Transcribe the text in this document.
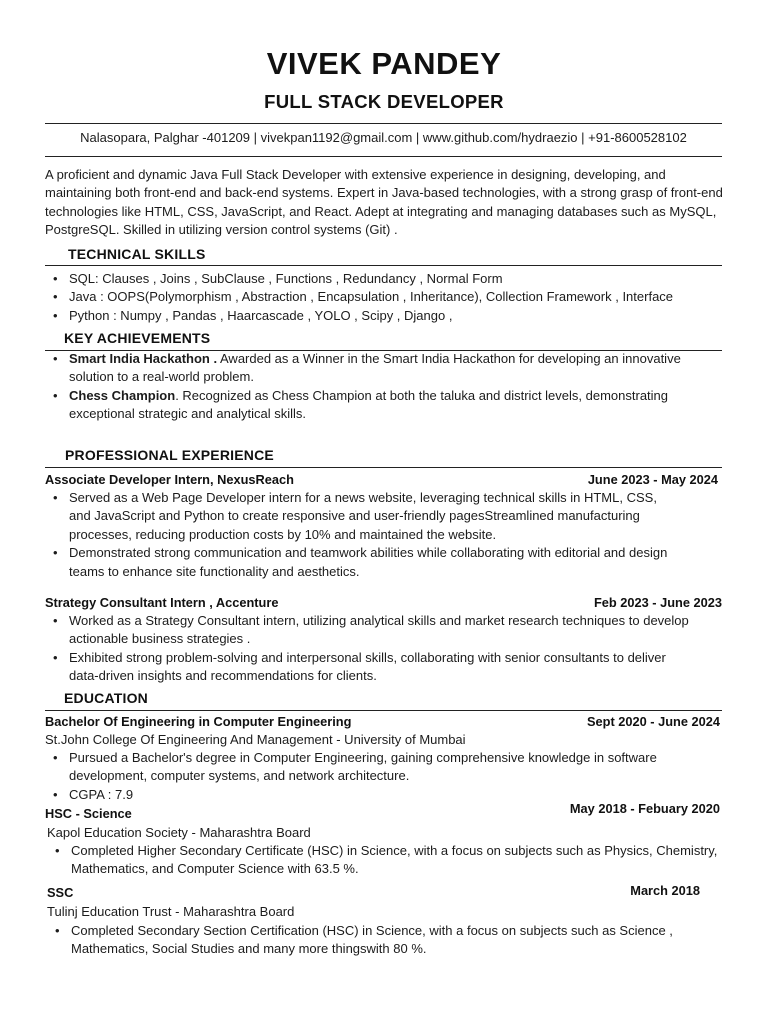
VIVEK PANDEY
FULL STACK DEVELOPER
Nalasopara, Palghar -401209 | vivekpan1192@gmail.com | www.github.com/hydraezio | +91-8600528102
A proficient and dynamic Java Full Stack Developer with extensive experience in designing, developing, and maintaining both front-end and back-end systems. Expert in Java-based technologies, with a strong grasp of front-end technologies like HTML, CSS, JavaScript, and React. Adept at integrating and managing databases such as MySQL, PostgreSQL. Skilled in utilizing version control systems (Git) .
TECHNICAL SKILLS
• SQL: Clauses , Joins , SubClause , Functions , Redundancy , Normal Form
• Java : OOPS(Polymorphism , Abstraction , Encapsulation , Inheritance), Collection Framework , Interface
• Python : Numpy , Pandas , Haarcascade , YOLO , Scipy , Django ,
KEY ACHIEVEMENTS
• Smart India Hackathon . Awarded as a Winner in the Smart India Hackathon for developing an innovative solution to a real-world problem.
• Chess Champion. Recognized as Chess Champion at both the taluka and district levels, demonstrating exceptional strategic and analytical skills.
PROFESSIONAL EXPERIENCE
Associate Developer Intern, NexusReach	June 2023 - May 2024
• Served as a Web Page Developer intern for a news website, leveraging technical skills in HTML, CSS, and JavaScript and Python to create responsive and user-friendly pagesStreamlined manufacturing processes, reducing production costs by 10% and maintained the website.
• Demonstrated strong communication and teamwork abilities while collaborating with editorial and design teams to enhance site functionality and aesthetics.
Strategy Consultant Intern , Accenture	Feb 2023 - June 2023
• Worked as a Strategy Consultant intern, utilizing analytical skills and market research techniques to develop actionable business strategies .
• Exhibited strong problem-solving and interpersonal skills, collaborating with senior consultants to deliver data-driven insights and recommendations for clients.
EDUCATION
Bachelor Of Engineering in Computer Engineering	Sept 2020 - June 2024
St.John College Of Engineering And Management - University of Mumbai
• Pursued a Bachelor's degree in Computer Engineering, gaining comprehensive knowledge in software development, computer systems, and network architecture.
• CGPA : 7.9
HSC - Science	May 2018 - Febuary 2020
Kapol Education Society - Maharashtra Board
• Completed Higher Secondary Certificate (HSC) in Science, with a focus on subjects such as Physics, Chemistry, Mathematics, and Computer Science with 63.5 %.
SSC	March 2018
Tulinj Education Trust - Maharashtra Board
• Completed Secondary Section Certification (HSC) in Science, with a focus on subjects such as Science , Mathematics, Social Studies and many more thingswith 80 %.
